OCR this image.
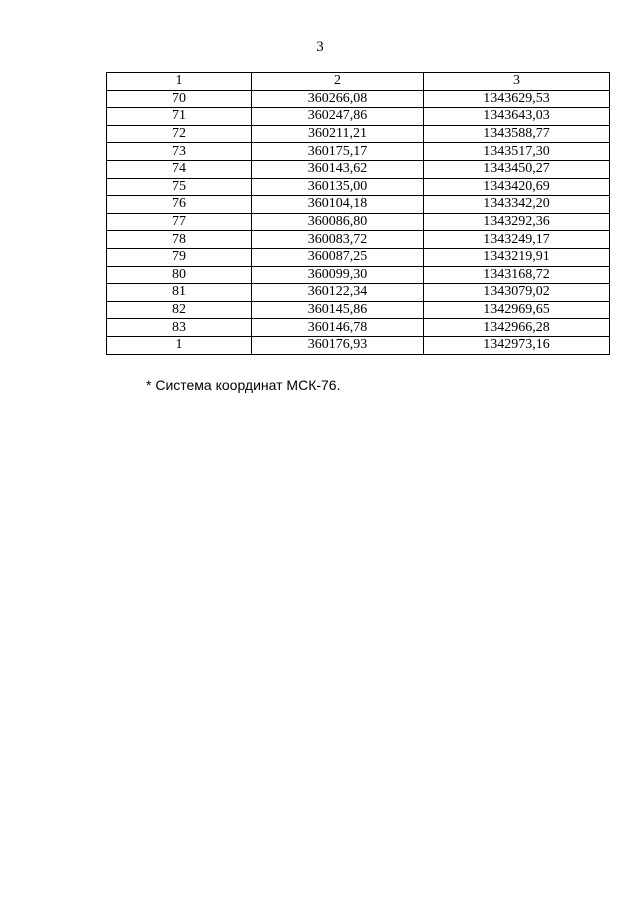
3
1	2	3
70	360266,08	1343629,53
71	360247,86	1343643,03
72	360211,21	1343588,77
73	360175,17	1343517,30
74	360143,62	1343450,27
75	360135,00	1343420,69
76	360104,18	1343342,20
77	360086,80	1343292,36
78	360083,72	1343249,17
79	360087,25	1343219,91
80	360099,30	1343168,72
81	360122,34	1343079,02
82	360145,86	1342969,65
83	360146,78	1342966,28
1	360176,93	1342973,16
* Система координат МСК-76.
